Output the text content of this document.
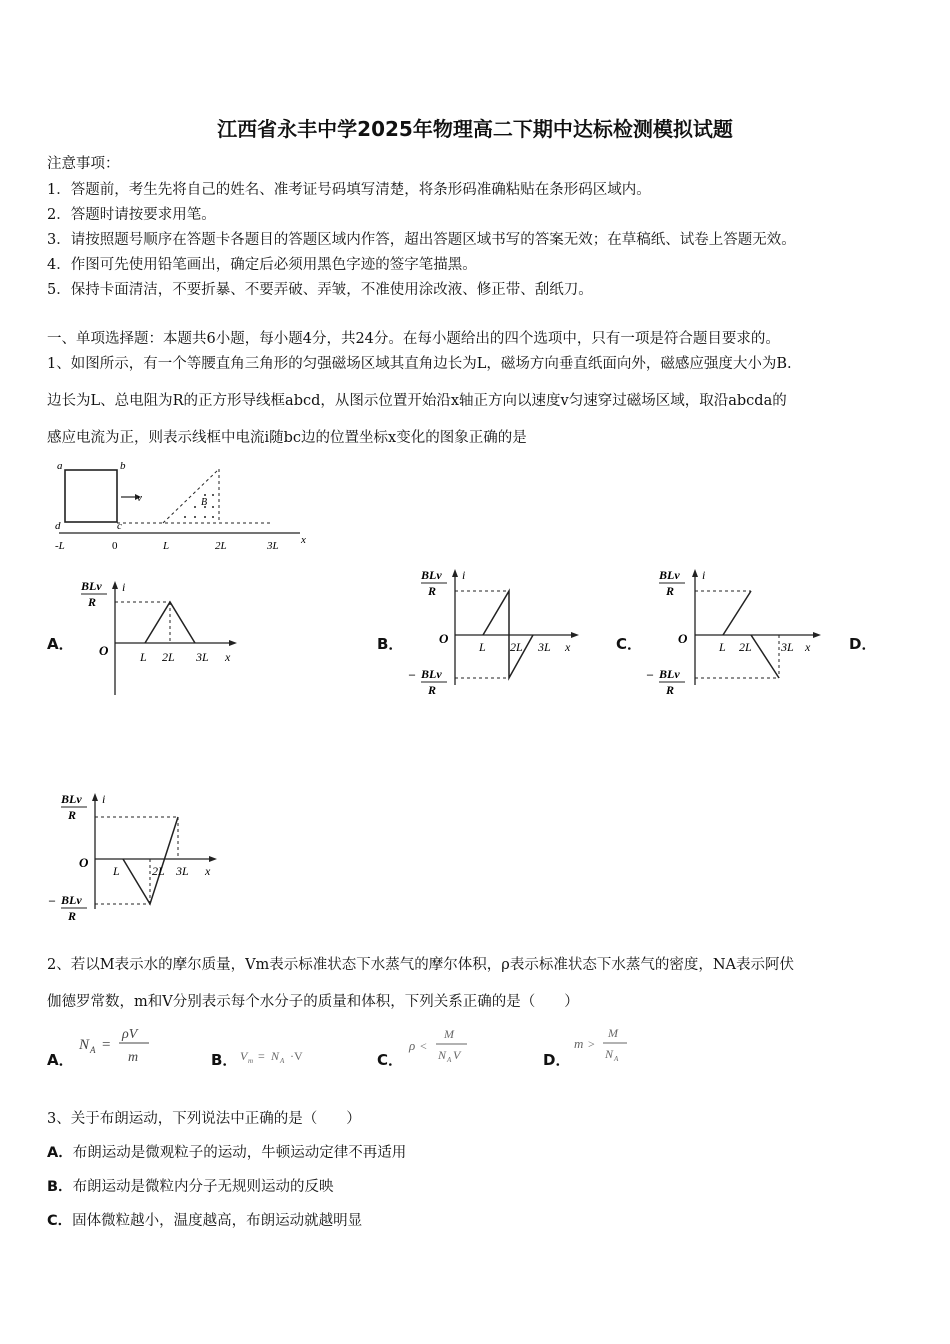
江西省永丰中学2025年物理高二下期中达标检测模拟试题
注意事项：
1．答题前，考生先将自己的姓名、准考证号码填写清楚，将条形码准确粘贴在条形码区域内。
2．答题时请按要求用笔。
3．请按照题号顺序在答题卡各题目的答题区域内作答，超出答题区域书写的答案无效；在草稿纸、试卷上答题无效。
4．作图可先使用铅笔画出，确定后必须用黑色字迹的签字笔描黑。
5．保持卡面清洁，不要折暴、不要弄破、弄皱，不准使用涂改液、修正带、刮纸刀。
一、单项选择题：本题共6小题，每小题4分，共24分。在每小题给出的四个选项中，只有一项是符合题目要求的。
1、如图所示，有一个等腰直角三角形的匀强磁场区域其直角边长为L，磁场方向垂直纸面向外，磁感应强度大小为B.
边长为L、总电阻为R的正方形导线框abcd，从图示位置开始沿x轴正方向以速度v匀速穿过磁场区域，取沿abcda的
感应电流为正，则表示线框中电流i随bc边的位置坐标x变化的图象正确的是
a	b
d	c
v	B
x
-L	0	L	2L	3L
A．
BLv
R
i
x
O	L 2L 3L
B．
BLv
R
i
x
O
– BLv
R
L 2L 3L	C．
BLv
R
i
x
O
– BLv
R
L 2L 3L	D．
BLv
R
i
x
O
– BLv
R
L	2L 3L
2、若以M表示水的摩尔质量，Vm表示标准状态下水蒸气的摩尔体积，ρ表示标准状态下水蒸气的密度，NA表示阿伏
伽德罗常数，m和V分别表示每个水分子的质量和体积，下列关系正确的是（　　）
A．
N A =
ρV
m	B． V m = N A ·V	C．
ρ <
M
N A V	D．
m >
M
N A
3、关于布朗运动，下列说法中正确的是（　　）
A．布朗运动是微观粒子的运动，牛顿运动定律不再适用
B．布朗运动是微粒内分子无规则运动的反映
C．固体微粒越小，温度越高，布朗运动就越明显
